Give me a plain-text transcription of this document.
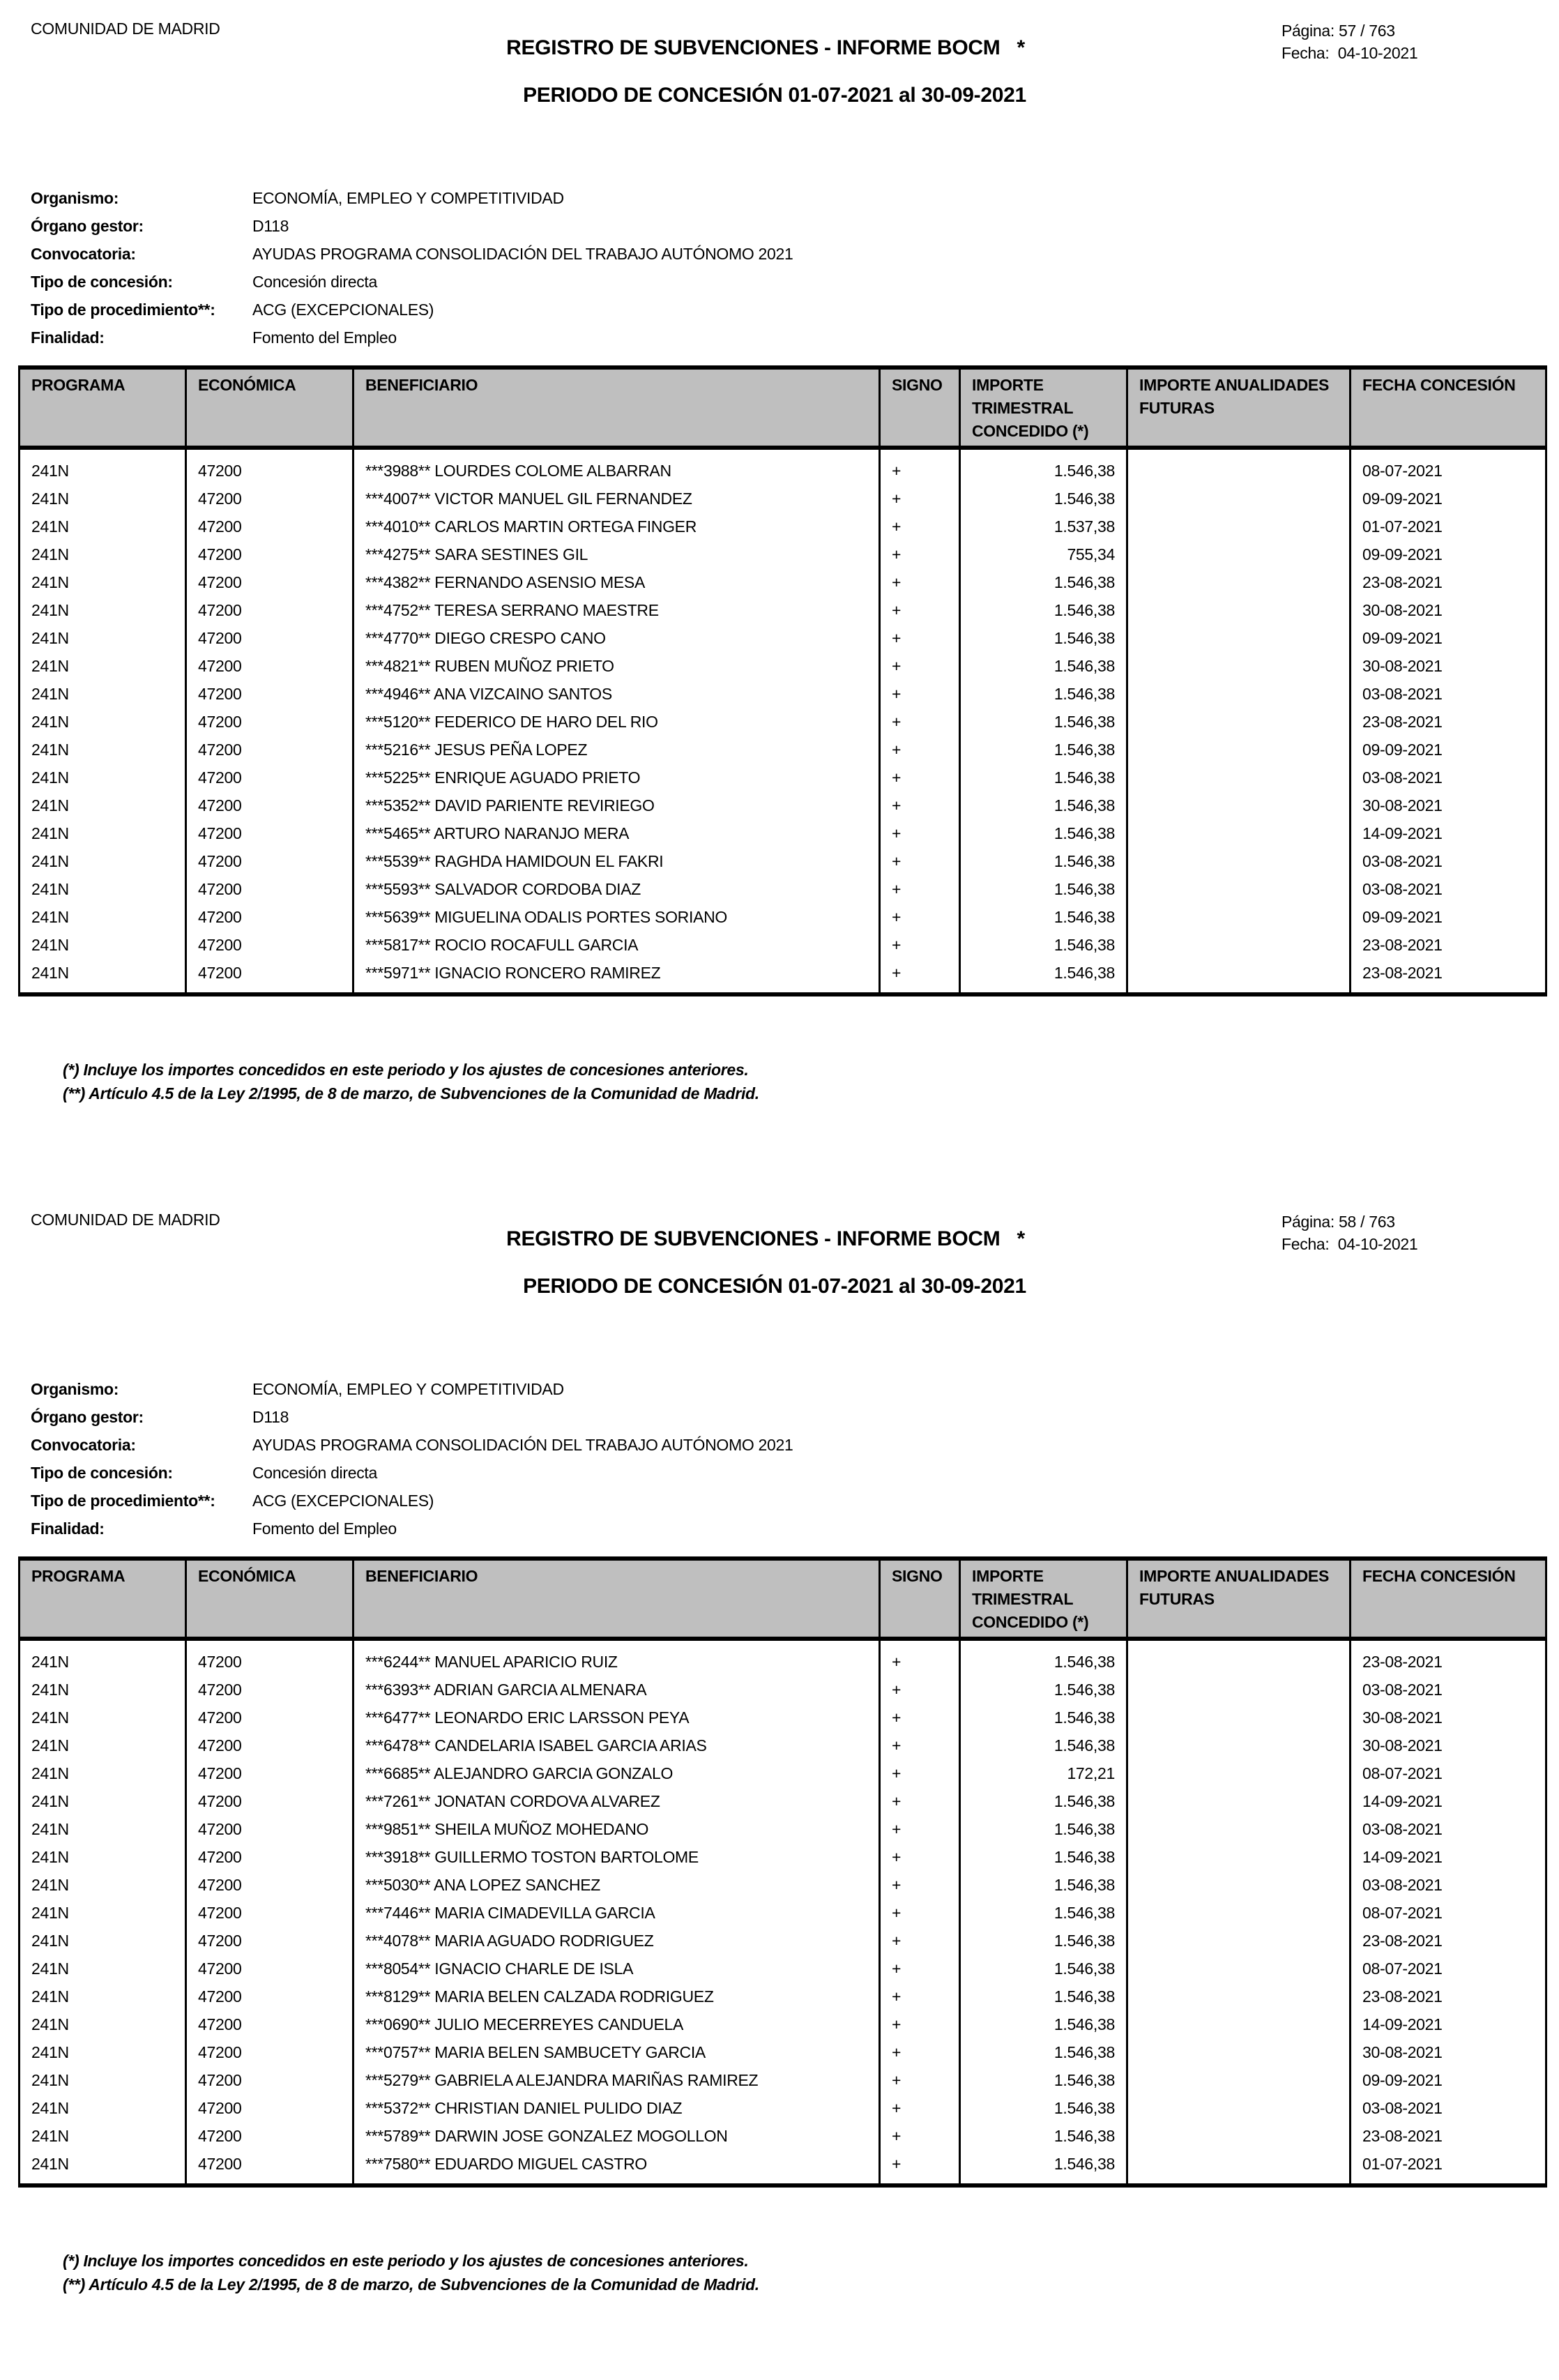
COMUNIDAD DE MADRID
REGISTRO DE SUBVENCIONES - INFORME BOCM   *
PERIODO DE CONCESIÓN 01-07-2021 al 30-09-2021
Página: 57 / 763
Fecha: 04-10-2021
Organismo:	ECONOMÍA, EMPLEO Y COMPETITIVIDAD
Órgano gestor:	D118
Convocatoria:	AYUDAS PROGRAMA CONSOLIDACIÓN DEL TRABAJO AUTÓNOMO 2021
Tipo de concesión:	Concesión directa
Tipo de procedimiento**: ACG (EXCEPCIONALES)
Finalidad:	Fomento del Empleo
PROGRAMA	ECONÓMICA	BENEFICIARIO	SIGNO	IMPORTE TRIMESTRAL CONCEDIDO (*)	IMPORTE ANUALIDADES FUTURAS	FECHA CONCESIÓN
241N	47200	***3988** LOURDES COLOME ALBARRAN	+	1.546,38		08-07-2021
241N	47200	***4007** VICTOR MANUEL GIL FERNANDEZ	+	1.546,38		09-09-2021
241N	47200	***4010** CARLOS MARTIN ORTEGA FINGER	+	1.537,38		01-07-2021
241N	47200	***4275** SARA SESTINES GIL	+	755,34		09-09-2021
241N	47200	***4382** FERNANDO ASENSIO MESA	+	1.546,38		23-08-2021
241N	47200	***4752** TERESA SERRANO MAESTRE	+	1.546,38		30-08-2021
241N	47200	***4770** DIEGO CRESPO CANO	+	1.546,38		09-09-2021
241N	47200	***4821** RUBEN MUÑOZ PRIETO	+	1.546,38		30-08-2021
241N	47200	***4946** ANA VIZCAINO SANTOS	+	1.546,38		03-08-2021
241N	47200	***5120** FEDERICO DE HARO DEL RIO	+	1.546,38		23-08-2021
241N	47200	***5216** JESUS PEÑA LOPEZ	+	1.546,38		09-09-2021
241N	47200	***5225** ENRIQUE AGUADO PRIETO	+	1.546,38		03-08-2021
241N	47200	***5352** DAVID PARIENTE REVIRIEGO	+	1.546,38		30-08-2021
241N	47200	***5465** ARTURO NARANJO MERA	+	1.546,38		14-09-2021
241N	47200	***5539** RAGHDA HAMIDOUN EL FAKRI	+	1.546,38		03-08-2021
241N	47200	***5593** SALVADOR CORDOBA DIAZ	+	1.546,38		03-08-2021
241N	47200	***5639** MIGUELINA ODALIS PORTES SORIANO	+	1.546,38		09-09-2021
241N	47200	***5817** ROCIO ROCAFULL GARCIA	+	1.546,38		23-08-2021
241N	47200	***5971** IGNACIO RONCERO RAMIREZ	+	1.546,38		23-08-2021

(*) Incluye los importes concedidos en este periodo y los ajustes de concesiones anteriores.
(**) Artículo 4.5 de la Ley 2/1995, de 8 de marzo, de Subvenciones de la Comunidad de Madrid.
COMUNIDAD DE MADRID
REGISTRO DE SUBVENCIONES - INFORME BOCM   *
PERIODO DE CONCESIÓN 01-07-2021 al 30-09-2021
Página: 58 / 763
Fecha: 04-10-2021
Organismo:	ECONOMÍA, EMPLEO Y COMPETITIVIDAD
Órgano gestor:	D118
Convocatoria:	AYUDAS PROGRAMA CONSOLIDACIÓN DEL TRABAJO AUTÓNOMO 2021
Tipo de concesión:	Concesión directa
Tipo de procedimiento**: ACG (EXCEPCIONALES)
Finalidad:	Fomento del Empleo
PROGRAMA	ECONÓMICA	BENEFICIARIO	SIGNO	IMPORTE TRIMESTRAL CONCEDIDO (*)	IMPORTE ANUALIDADES FUTURAS	FECHA CONCESIÓN
241N	47200	***6244** MANUEL APARICIO RUIZ	+	1.546,38		23-08-2021
241N	47200	***6393** ADRIAN GARCIA ALMENARA	+	1.546,38		03-08-2021
241N	47200	***6477** LEONARDO ERIC LARSSON PEYA	+	1.546,38		30-08-2021
241N	47200	***6478** CANDELARIA ISABEL GARCIA ARIAS	+	1.546,38		30-08-2021
241N	47200	***6685** ALEJANDRO GARCIA GONZALO	+	172,21		08-07-2021
241N	47200	***7261** JONATAN CORDOVA ALVAREZ	+	1.546,38		14-09-2021
241N	47200	***9851** SHEILA MUÑOZ MOHEDANO	+	1.546,38		03-08-2021
241N	47200	***3918** GUILLERMO TOSTON BARTOLOME	+	1.546,38		14-09-2021
241N	47200	***5030** ANA LOPEZ SANCHEZ	+	1.546,38		03-08-2021
241N	47200	***7446** MARIA CIMADEVILLA GARCIA	+	1.546,38		08-07-2021
241N	47200	***4078** MARIA AGUADO RODRIGUEZ	+	1.546,38		23-08-2021
241N	47200	***8054** IGNACIO CHARLE DE ISLA	+	1.546,38		08-07-2021
241N	47200	***8129** MARIA BELEN CALZADA RODRIGUEZ	+	1.546,38		23-08-2021
241N	47200	***0690** JULIO MECERREYES CANDUELA	+	1.546,38		14-09-2021
241N	47200	***0757** MARIA BELEN SAMBUCETY GARCIA	+	1.546,38		30-08-2021
241N	47200	***5279** GABRIELA ALEJANDRA MARIÑAS RAMIREZ	+	1.546,38		09-09-2021
241N	47200	***5372** CHRISTIAN DANIEL PULIDO DIAZ	+	1.546,38		03-08-2021
241N	47200	***5789** DARWIN JOSE GONZALEZ MOGOLLON	+	1.546,38		23-08-2021
241N	47200	***7580** EDUARDO MIGUEL CASTRO	+	1.546,38		01-07-2021

(*) Incluye los importes concedidos en este periodo y los ajustes de concesiones anteriores.
(**) Artículo 4.5 de la Ley 2/1995, de 8 de marzo, de Subvenciones de la Comunidad de Madrid.
